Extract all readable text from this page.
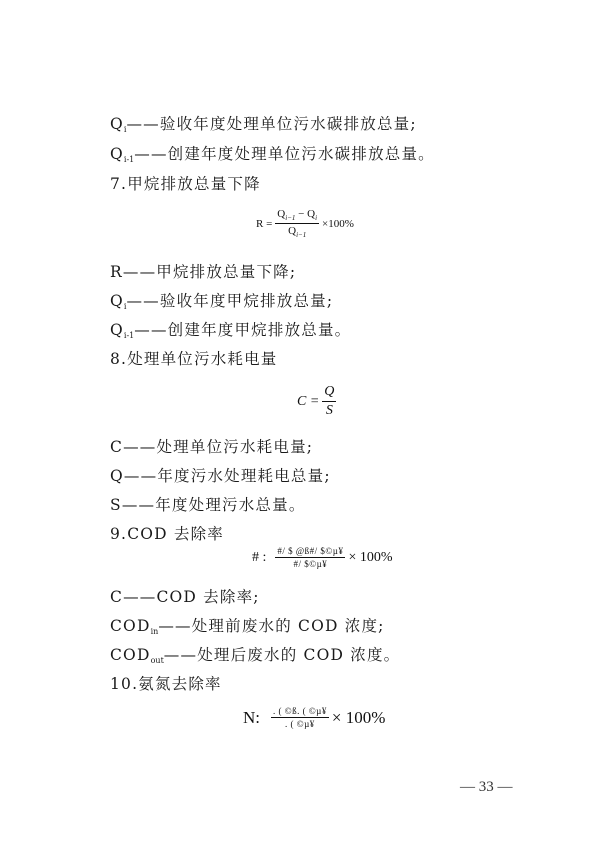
$Q_i——$验收年度处理单位污水碳排放总量;
$Q_{i-1}——$创建年度处理单位污水碳排放总量。
7.甲烷排放总量下降
$R = \frac{Q_{i-1} - Q_i}{Q_{i-1}} \times 100\%$
R——甲烷排放总量下降;
$Q_i——$验收年度甲烷排放总量;
$Q_{i-1}——$创建年度甲烷排放总量。
8.处理单位污水耗电量
$C = \frac{Q}{S}$
C——处理单位污水耗电量;
Q——年度污水处理耗电总量;
S——年度处理污水总量。
9.COD 去除率
# : $\frac{\text{\#/ \$ @ß\#/ \$©µ¥}}{\text{\#/ \$©µ¥}} \times 100\%$
C——COD 去除率;
$COD_{in}——$处理前废水的 COD 浓度;
$COD_{out}——$处理后废水的 COD 浓度。
10.氨氮去除率
N: $\frac{\text{. ( ©ß. ( ©µ¥}}{\text{. ( ©µ¥}} \times 100\%$
— 33 —
